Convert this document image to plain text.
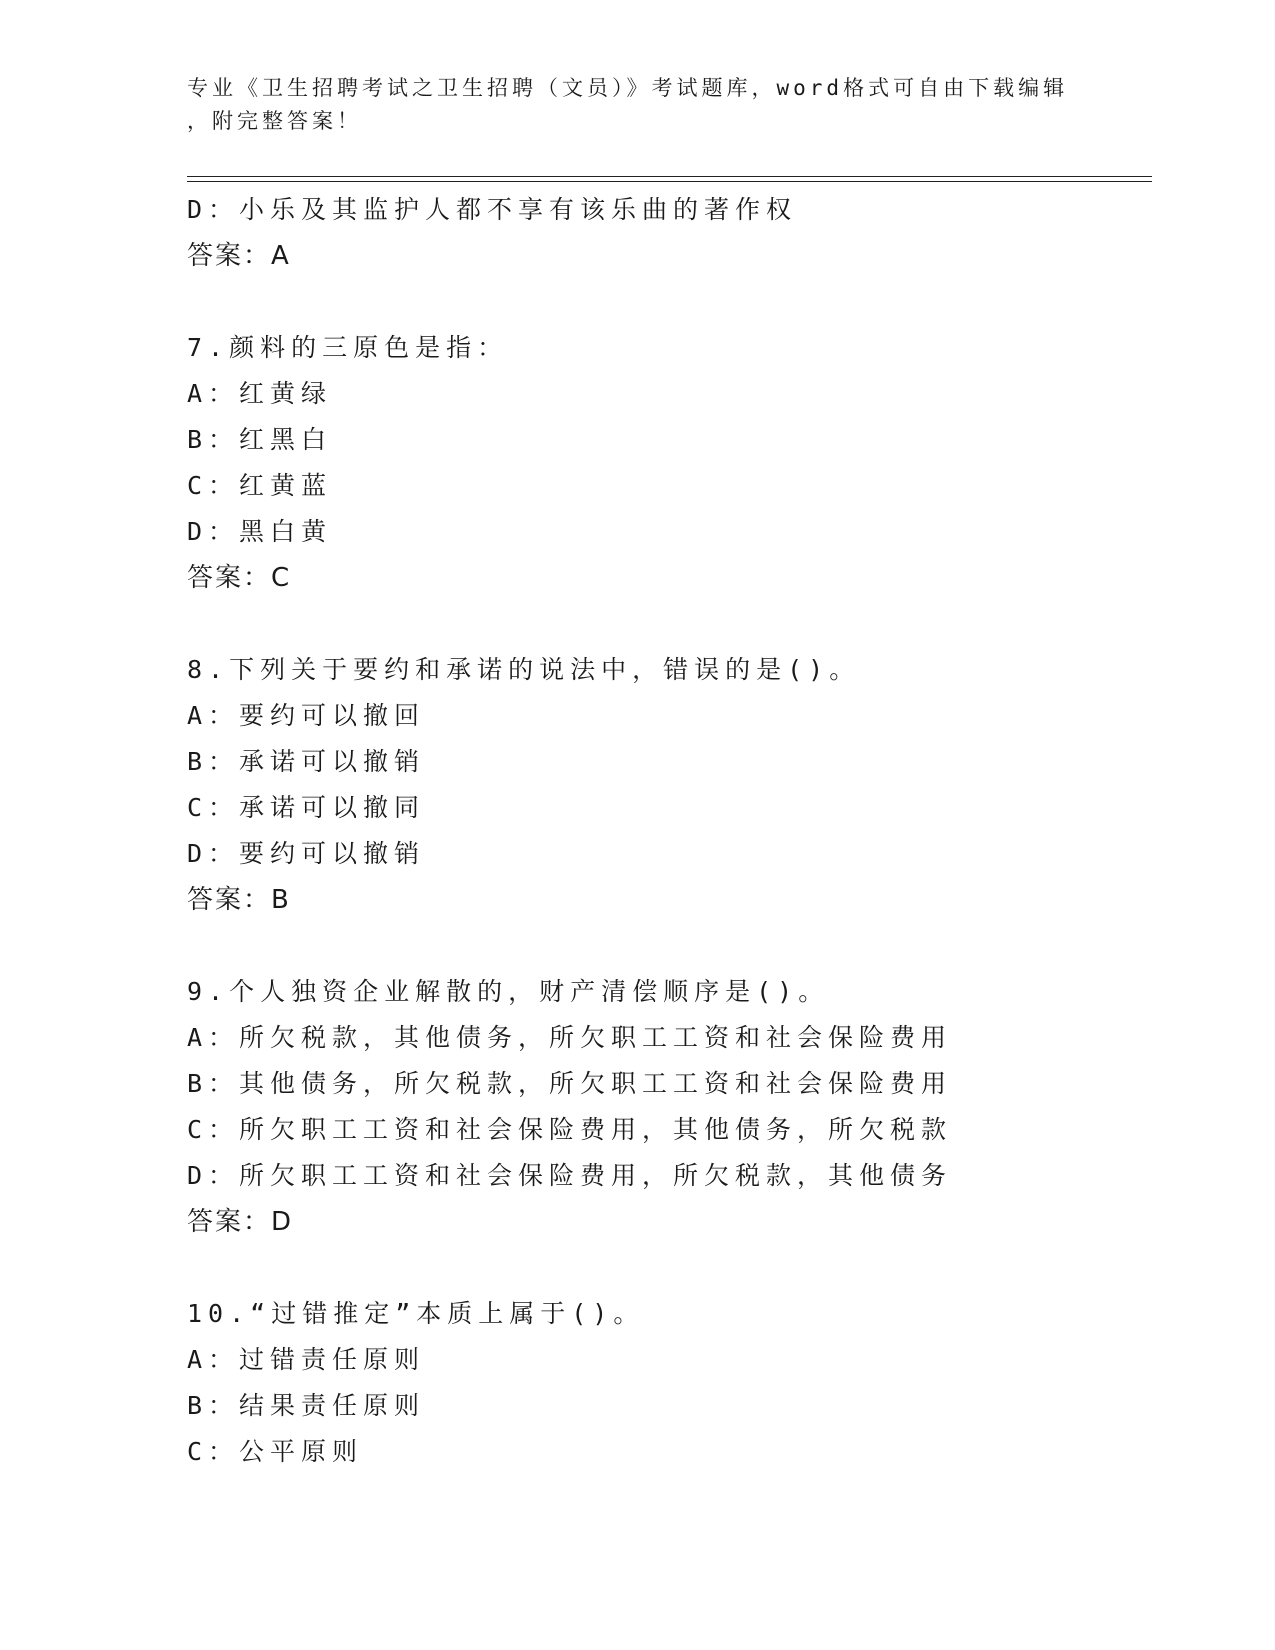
专业《卫生招聘考试之卫生招聘（文员）》考试题库，word格式可自由下载编辑
，附完整答案！
D：小乐及其监护人都不享有该乐曲的著作权
答案：A
7.颜料的三原色是指：
A：红黄绿
B：红黑白
C：红黄蓝
D：黑白黄
答案：C
8.下列关于要约和承诺的说法中，错误的是()。
A：要约可以撤回
B：承诺可以撤销
C：承诺可以撤同
D：要约可以撤销
答案：B
9.个人独资企业解散的，财产清偿顺序是()。
A：所欠税款，其他债务，所欠职工工资和社会保险费用
B：其他债务，所欠税款，所欠职工工资和社会保险费用
C：所欠职工工资和社会保险费用，其他债务，所欠税款
D：所欠职工工资和社会保险费用，所欠税款，其他债务
答案：D
10.“过错推定”本质上属于()。
A：过错责任原则
B：结果责任原则
C：公平原则
